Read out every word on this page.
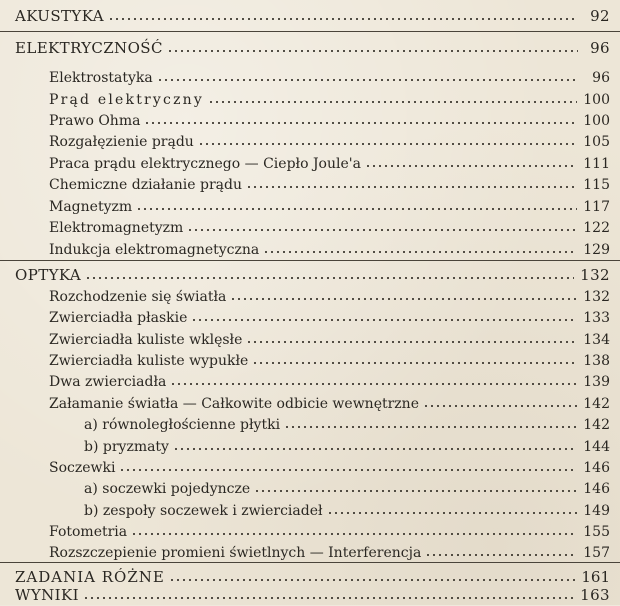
AKUSTYKA	92
ELEKTRYCZNOŚĆ	96
Elektrostatyka	96
Prąd elektryczny	100
Prawo Ohma	100
Rozgałęzienie prądu	105
Praca prądu elektrycznego — Ciepło Joule'a	111
Chemiczne działanie prądu	115
Magnetyzm	117
Elektromagnetyzm	122
Indukcja elektromagnetyczna	129
OPTYKA	132
Rozchodzenie się światła	132
Zwierciadła płaskie	133
Zwierciadła kuliste wklęsłe	134
Zwierciadła kuliste wypukłe	138
Dwa zwierciadła	139
Załamanie światła — Całkowite odbicie wewnętrzne	142
a) równoległościenne płytki	142
b) pryzmaty	144
Soczewki	146
a) soczewki pojedyncze	146
b) zespoły soczewek i zwierciadeł	149
Fotometria	155
Rozszczepienie promieni świetlnych — Interferencja	157
ZADANIA RÓŻNE	161
WYNIKI	163
